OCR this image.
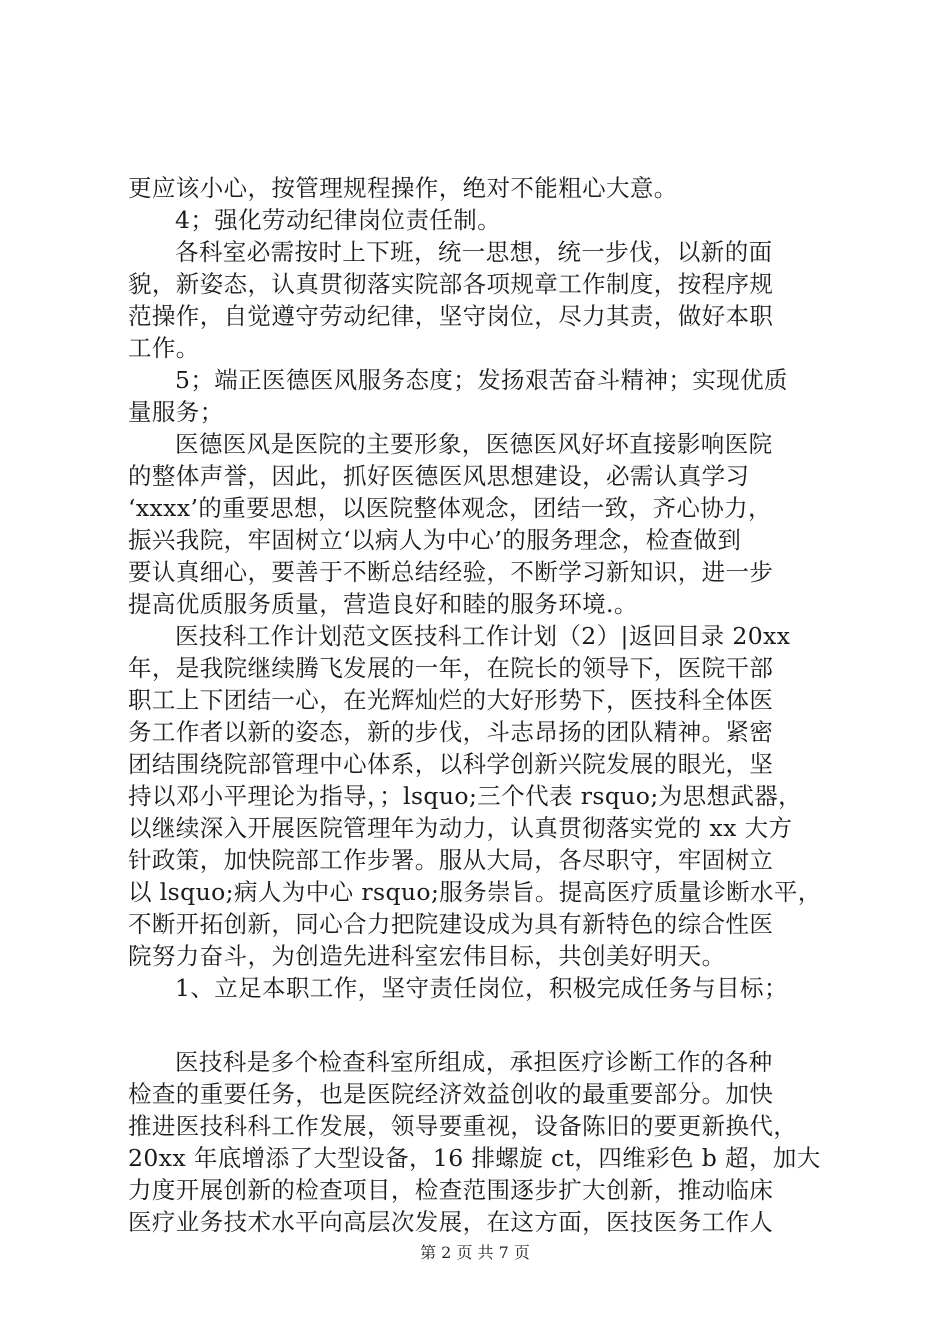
更应该小心，按管理规程操作，绝对不能粗心大意。
4；强化劳动纪律岗位责任制。
各科室必需按时上下班，统一思想，统一步伐，以新的面
貌，新姿态，认真贯彻落实院部各项规章工作制度，按程序规
范操作，自觉遵守劳动纪律，坚守岗位，尽力其责，做好本职
工作。
5；端正医德医风服务态度；发扬艰苦奋斗精神；实现优质
量服务；
医德医风是医院的主要形象，医德医风好坏直接影响医院
的整体声誉，因此，抓好医德医风思想建设，必需认真学习
‘xxxx’的重要思想，以医院整体观念，团结一致，齐心协力，
振兴我院，牢固树立‘以病人为中心’的服务理念，检查做到
要认真细心，要善于不断总结经验，不断学习新知识，进一步
提高优质服务质量，营造良好和睦的服务环境.。
医技科工作计划范文医技科工作计划（2）|返回目录 20xx
年，是我院继续腾飞发展的一年，在院长的领导下，医院干部
职工上下团结一心，在光辉灿烂的大好形势下，医技科全体医
务工作者以新的姿态，新的步伐，斗志昂扬的团队精神。紧密
团结围绕院部管理中心体系，以科学创新兴院发展的眼光，坚
持以邓小平理论为指导，；lsquo;三个代表 rsquo;为思想武器，
以继续深入开展医院管理年为动力，认真贯彻落实党的 xx 大方
针政策，加快院部工作步署。服从大局，各尽职守，牢固树立
以 lsquo;病人为中心 rsquo;服务崇旨。提高医疗质量诊断水平，
不断开拓创新，同心合力把院建设成为具有新特色的综合性医
院努力奋斗，为创造先进科室宏伟目标，共创美好明天。
1、立足本职工作，坚守责任岗位，积极完成任务与目标；
医技科是多个检查科室所组成，承担医疗诊断工作的各种
检查的重要任务，也是医院经济效益创收的最重要部分。加快
推进医技科科工作发展，领导要重视，设备陈旧的要更新换代，
20xx 年底增添了大型设备，16 排螺旋 ct，四维彩色 b 超，加大
力度开展创新的检查项目，检查范围逐步扩大创新，推动临床
医疗业务技术水平向高层次发展，在这方面，医技医务工作人
第 2 页 共 7 页
